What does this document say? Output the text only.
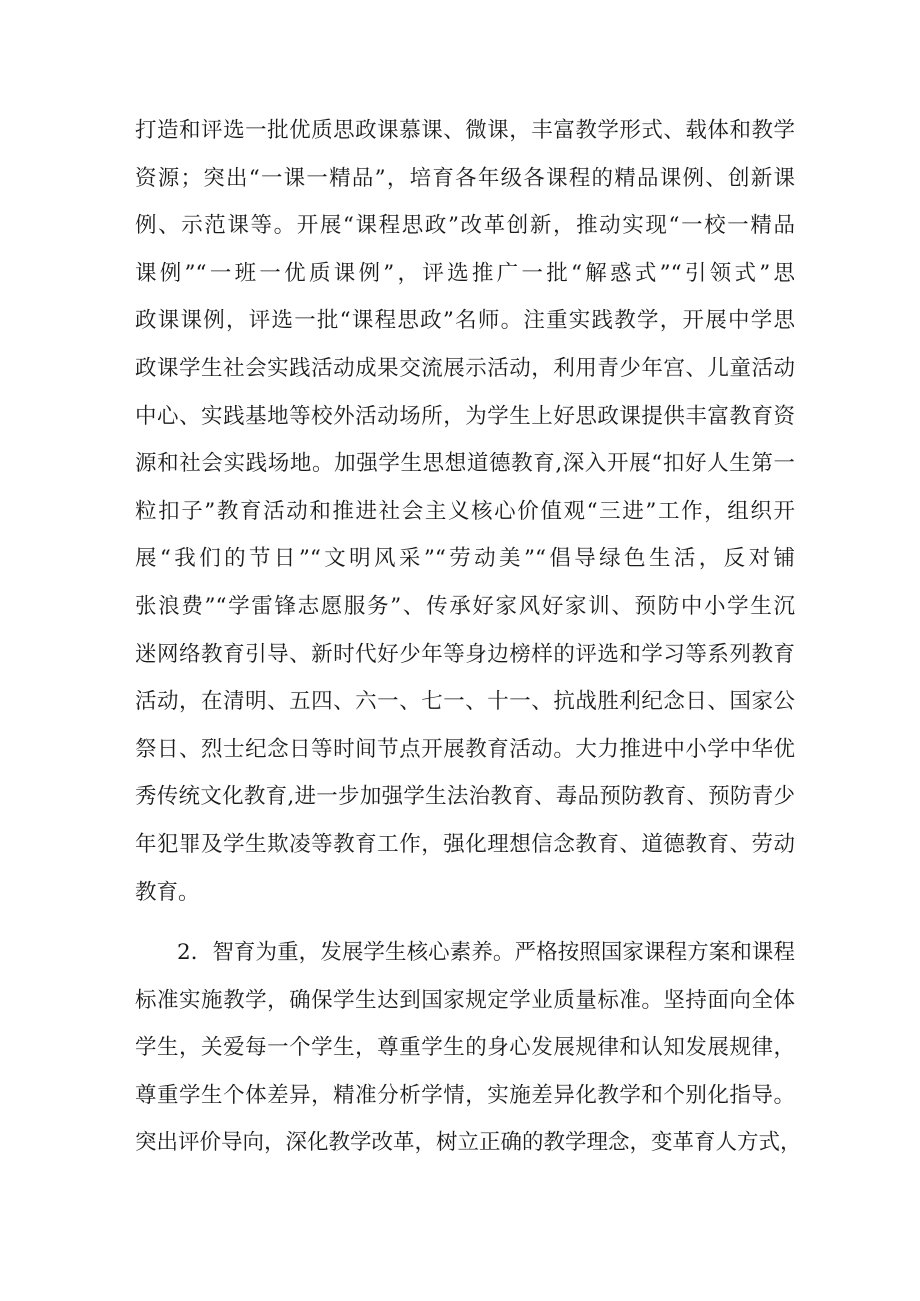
打造和评选一批优质思政课慕课、微课，丰富教学形式、载体和教学
资源；突出“一课一精品”，培育各年级各课程的精品课例、创新课
例、示范课等。开展“课程思政”改革创新，推动实现“一校一精品
课例”“一班一优质课例”，评选推广一批“解惑式”“引领式”思
政课课例，评选一批“课程思政”名师。注重实践教学，开展中学思
政课学生社会实践活动成果交流展示活动，利用青少年宫、儿童活动
中心、实践基地等校外活动场所，为学生上好思政课提供丰富教育资
源和社会实践场地。加强学生思想道德教育,深入开展“扣好人生第一
粒扣子”教育活动和推进社会主义核心价值观“三进”工作，组织开
展“我们的节日”“文明风采”“劳动美”“倡导绿色生活，反对铺
张浪费”“学雷锋志愿服务”、传承好家风好家训、预防中小学生沉
迷网络教育引导、新时代好少年等身边榜样的评选和学习等系列教育
活动，在清明、五四、六一、七一、十一、抗战胜利纪念日、国家公
祭日、烈士纪念日等时间节点开展教育活动。大力推进中小学中华优
秀传统文化教育,进一步加强学生法治教育、毒品预防教育、预防青少
年犯罪及学生欺凌等教育工作，强化理想信念教育、道德教育、劳动
教育。
2．智育为重，发展学生核心素养。严格按照国家课程方案和课程
标准实施教学，确保学生达到国家规定学业质量标准。坚持面向全体
学生，关爱每一个学生，尊重学生的身心发展规律和认知发展规律，
尊重学生个体差异，精准分析学情，实施差异化教学和个别化指导。
突出评价导向，深化教学改革，树立正确的教学理念，变革育人方式，
